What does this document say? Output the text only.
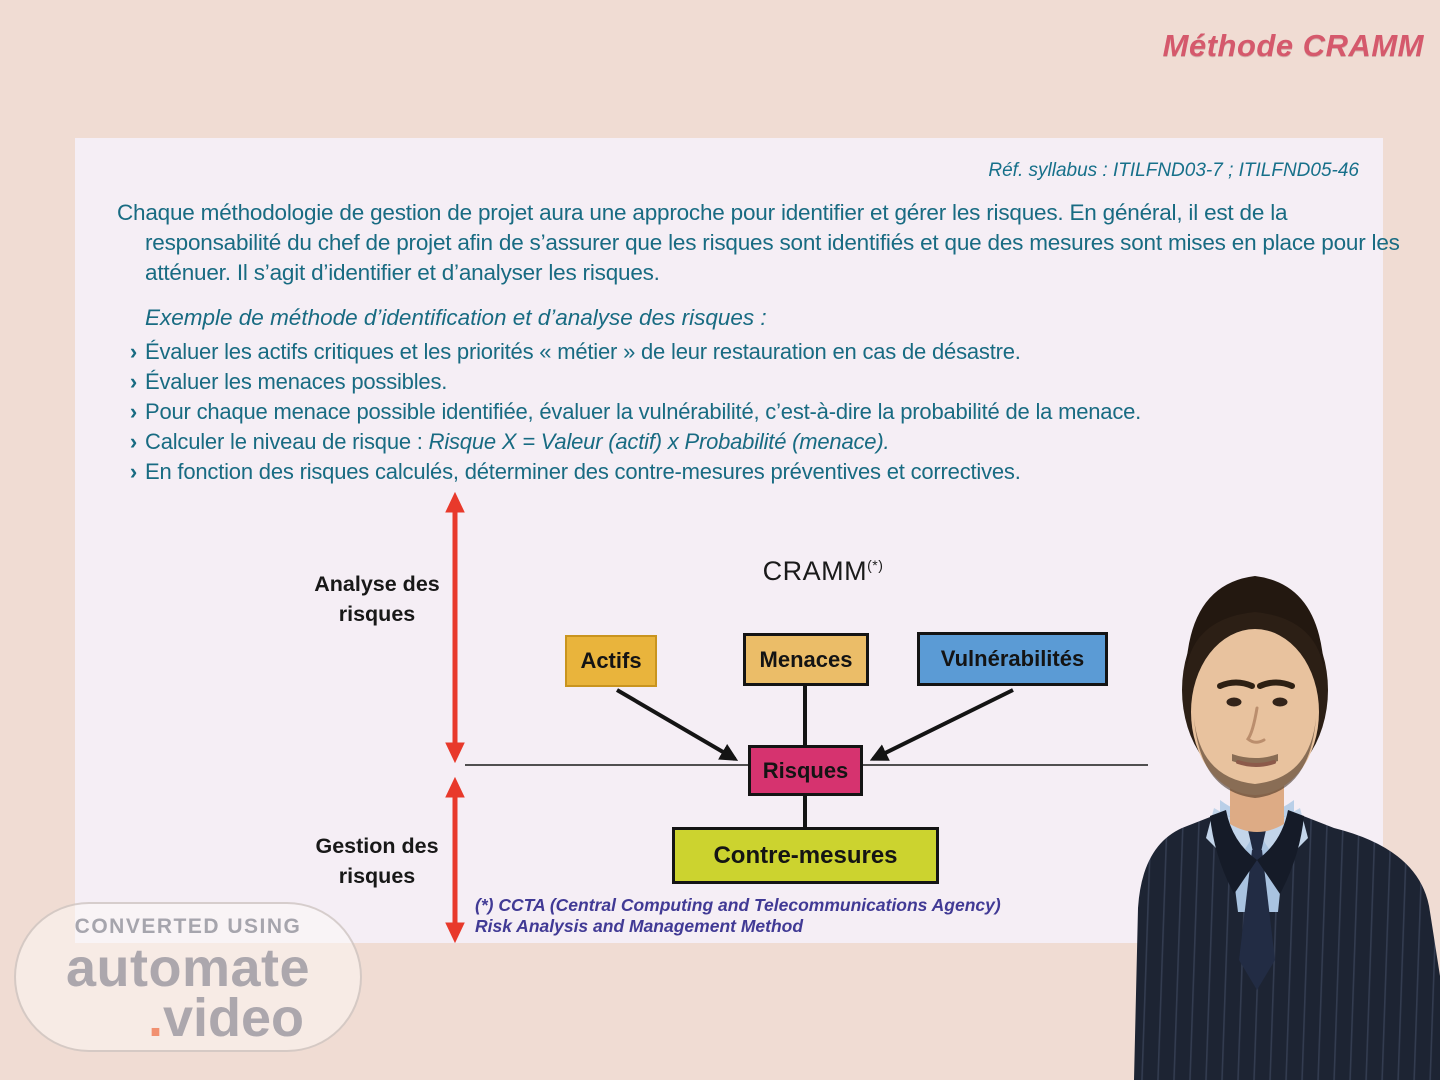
Méthode CRAMM
Réf. syllabus : ITILFND03-7 ; ITILFND05-46
Chaque méthodologie de gestion de projet aura une approche pour identifier et gérer les risques. En général, il est de la responsabilité du chef de projet afin de s’assurer que les risques sont identifiés et que des mesures sont mises en place pour les atténuer. Il s’agit d’identifier et d’analyser les risques.
Exemple de méthode d’identification et d’analyse des risques :
› Évaluer les actifs critiques et les priorités « métier » de leur restauration en cas de désastre.
› Évaluer les menaces possibles.
› Pour chaque menace possible identifiée, évaluer la vulnérabilité, c’est-à-dire la probabilité de la menace.
› Calculer le niveau de risque : Risque X = Valeur (actif) x Probabilité (menace).
› En fonction des risques calculés, déterminer des contre-mesures préventives et correctives.
CRAMM(*)
Analyse des risques
Gestion des risques
Actifs	Menaces	Vulnérabilités
Risques
Contre-mesures
(*) CCTA (Central Computing and Telecommunications Agency)
Risk Analysis and Management Method
CONVERTED USING
automate
.video
